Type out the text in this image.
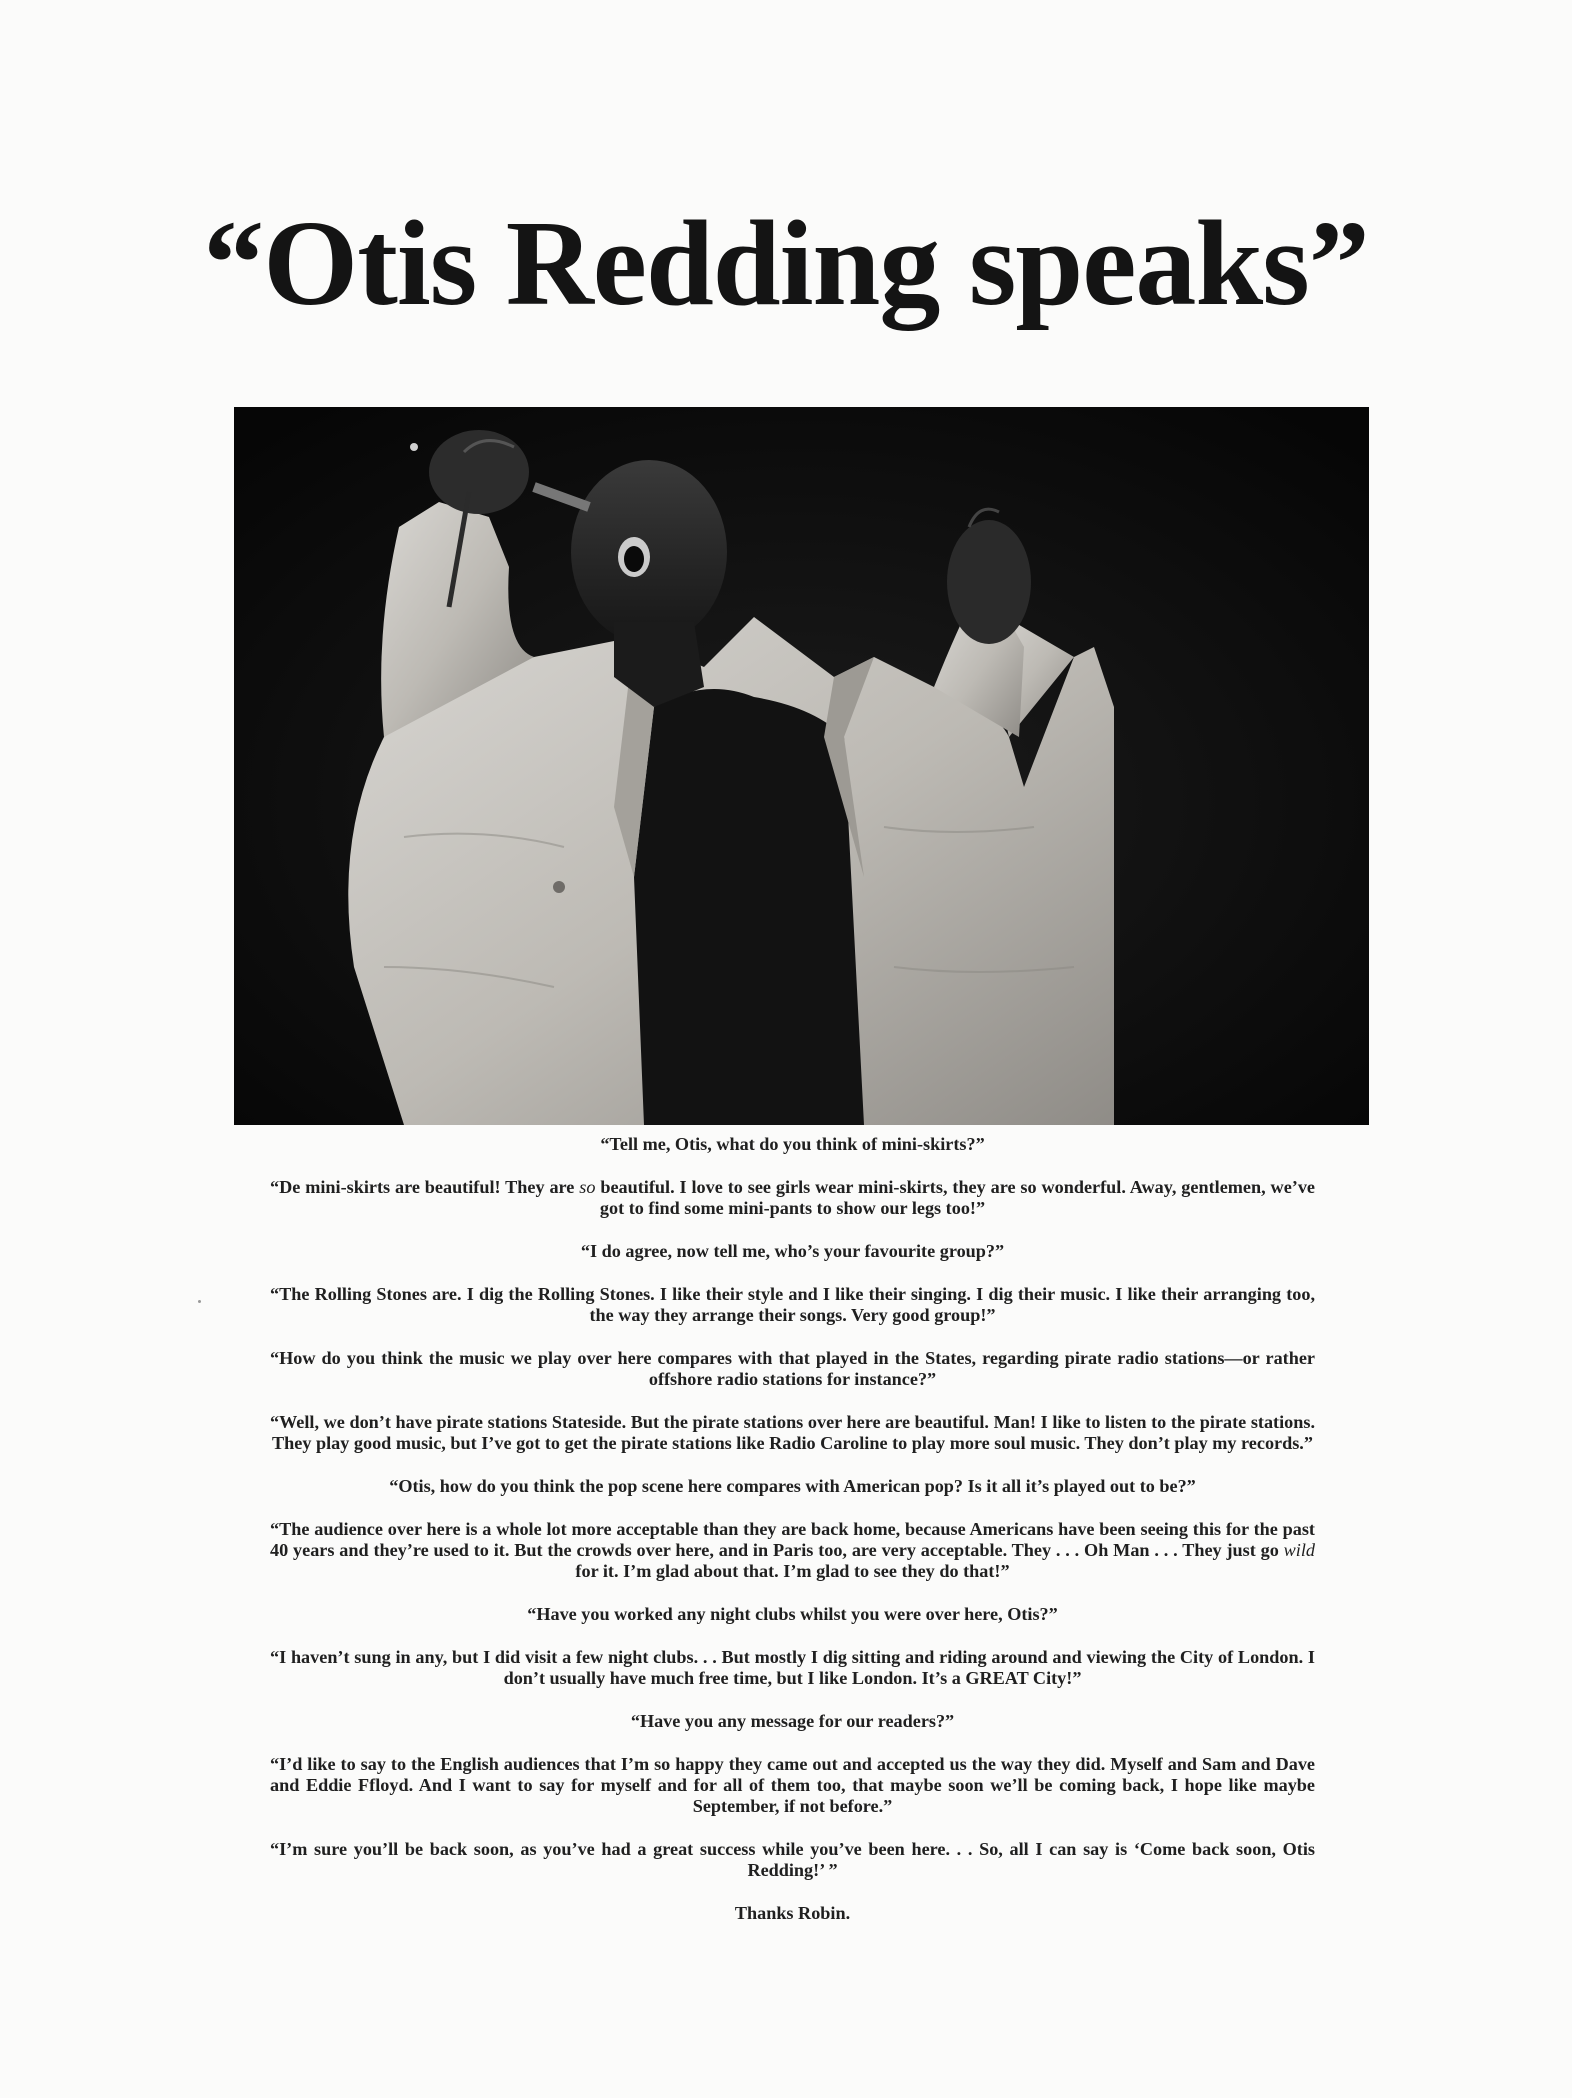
“Otis Redding speaks”

“Tell me, Otis, what do you think of mini-skirts?”

“De mini-skirts are beautiful! They are so beautiful. I love to see girls wear mini-skirts, they are so wonderful. Away, gentlemen, we’ve got to find some mini-pants to show our legs too!”

“I do agree, now tell me, who’s your favourite group?”

“The Rolling Stones are. I dig the Rolling Stones. I like their style and I like their singing. I dig their music. I like their arranging too, the way they arrange their songs. Very good group!”

“How do you think the music we play over here compares with that played in the States, regarding pirate radio stations—or rather offshore radio stations for instance?”

“Well, we don’t have pirate stations Stateside. But the pirate stations over here are beautiful. Man! I like to listen to the pirate stations. They play good music, but I’ve got to get the pirate stations like Radio Caroline to play more soul music. They don’t play my records.”

“Otis, how do you think the pop scene here compares with American pop? Is it all it’s played out to be?”

“The audience over here is a whole lot more acceptable than they are back home, because Americans have been seeing this for the past 40 years and they’re used to it. But the crowds over here, and in Paris too, are very acceptable. They . . . Oh Man . . . They just go wild for it. I’m glad about that. I’m glad to see they do that!”

“Have you worked any night clubs whilst you were over here, Otis?”

“I haven’t sung in any, but I did visit a few night clubs. . . But mostly I dig sitting and riding around and viewing the City of London. I don’t usually have much free time, but I like London. It’s a GREAT City!”

“Have you any message for our readers?”

“I’d like to say to the English audiences that I’m so happy they came out and accepted us the way they did. Myself and Sam and Dave and Eddie Ffloyd. And I want to say for myself and for all of them too, that maybe soon we’ll be coming back, I hope like maybe September, if not before.”

“I’m sure you’ll be back soon, as you’ve had a great success while you’ve been here. . . So, all I can say is ‘Come back soon, Otis Redding!’ ”

Thanks Robin.
